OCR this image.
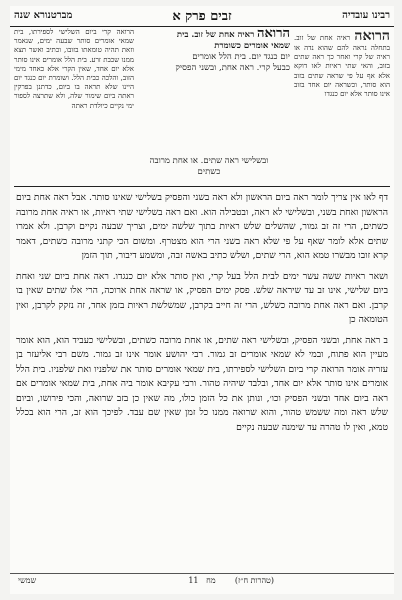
רבינו עובדיה
זבים פרק א
מברטנורא שנה
הרואה ראיה אחת של זוב. בתחלה נראה להם שהוא נדה או ראיה של קרי ואחר כך ראה שתים בזוב, והאי שתי ראיות לאו דוקא אלא אף על פי שראה שתים בזוב הוא סותר, וכשראה יום אחד בזוב אינו סותר אלא יום כנגדו
הרואה ראיה אחת של זוב. בית
שמאי אומרים כשומרת
יום כנגד יום. בית הלל אומרים
כבעל קרי. ראה אחת, ובשני הפסיק
הרואה קרי ביום השלישי לספירתו, בית שמאי אומרים סותר שבעה ימים, שנאמר וזאת תהיה טומאתו בזובו, וכתיב ואשר תצא ממנו שכבת זרע. בית הלל אומרים אינו סותר אלא יום אחד, שאין הקרי אלא כאחד מימי הזוב, והלכה כבית הלל. ושומרת יום כנגד יום היינו שלא תראה בו ביום, כדתנן בפרקין ראתה ביום שימור שלה, ולא שתרצה לספור ימי נקיים כיולדת ראתה
ובשלישי ראה שתים. או אחת מרובה
כשתים

דף לאו אין צריך לומר ראה ביום הראשון ולא ראה בשני והפסיק בשלישי שאינו סותר. אבל ראה אחת ביום הראשון ואחת בשני, ובשלישי לא ראה, ובטבילה הוא. ואם ראה בשלישי שתי ראיות, או ראיה אחת מרובה כשתים, הרי זה זב גמור, שהשלים שלש ראיות בתוך שלשה ימים, וצריך שבעה נקיים וקרבן. ולא אמרו שתים אלא לומר שאף על פי שלא ראה בשני הרי הוא מצטרף. ומשום הכי קתני מרובה כשתים, דאמר קרא זובו מבשרו טמא הוא, הרי שתים, ושלש כתיב באשה זבה, ומשמע דיבור, תוך הזמן

ושאר ראיות ששה עשר ימים לבית הלל בעל קרי, ואין סותר אלא יום כנגדו. ראה אחת ביום שני ואחת ביום שלישי, אינו זב עד שיראה שלש. פסק ימים הפסיק, או שראה אחת ארוכה, הרי אלו שתים שאין בו קרבן. ואם ראה אחת מרובה כשלש, הרי זה חייב בקרבן, שמשלשת ראיות בזמן אחד, זה נזקק לקרבן, ואין הטומאה כן

ב ראה אחת, ובשני הפסיק, ובשלישי ראה שתים, או אחת מרובה כשתים, ובשלישי כעביד הוא, הוא אומר מעיין הוא פתוח, ובמי לא שמאי אומרים זב גמור. רבי יהושע אומר אינו זב גמור. משם רבי אליעזר בן עזריה אומר הרואה קרי ביום השלישי לספירתו, בית שמאי אומרים סותר את שלפניו ואת שלפניו. בית הלל אומרים אינו סותר אלא יום אחד, ובלבד שיהיה טהור. ורבי עקיבא אומר ביה אחת, בית שמאי אומרים אם ראה ביום אחד ובשני הפסיק וכו׳, ונותן את כל הזמן כולו, מה שאין כן בזב שרואה, והכי פירושו, וביום שלש ראה ומה ששמש טהור, והוא שרואה ממנו כל זמן שאין שם עבד. לפיכך הוא זב, הרי הוא בכלל טמא, ואין לו טהרה עד שימנה שבעה נקיים

(טהרות ח״ז)
מח   11
שמשי
